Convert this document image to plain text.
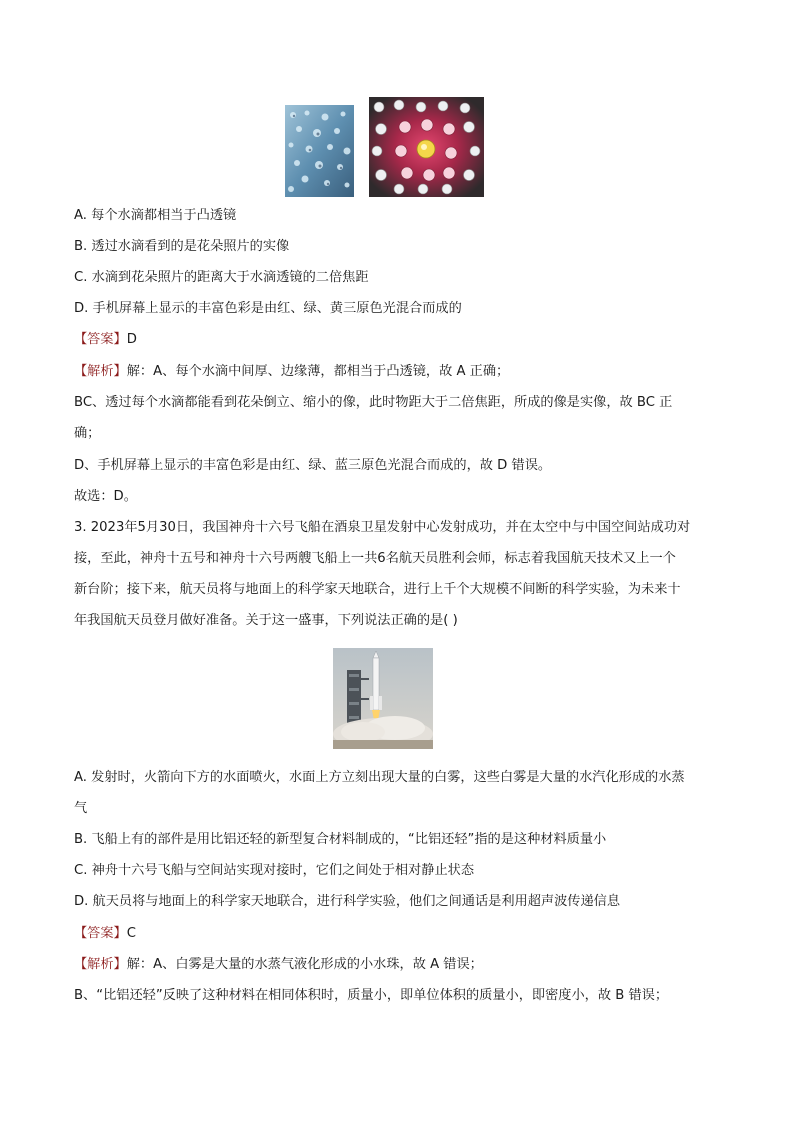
A. 每个水滴都相当于凸透镜
B. 透过水滴看到的是花朵照片的实像
C. 水滴到花朵照片的距离大于水滴透镜的二倍焦距
D. 手机屏幕上显示的丰富色彩是由红、绿、黄三原色光混合而成的
【答案】D
【解析】解：A、每个水滴中间厚、边缘薄，都相当于凸透镜，故 A 正确；
BC、透过每个水滴都能看到花朵倒立、缩小的像，此时物距大于二倍焦距，所成的像是实像，故 BC 正
确；
D、手机屏幕上显示的丰富色彩是由红、绿、蓝三原色光混合而成的，故 D 错误。
故选：D。
3. 2023年5月30日，我国神舟十六号飞船在酒泉卫星发射中心发射成功，并在太空中与中国空间站成功对
接，至此，神舟十五号和神舟十六号两艘飞船上一共6名航天员胜利会师，标志着我国航天技术又上一个
新台阶；接下来，航天员将与地面上的科学家天地联合，进行上千个大规模不间断的科学实验，为未来十
年我国航天员登月做好准备。关于这一盛事，下列说法正确的是( )
A. 发射时，火箭向下方的水面喷火，水面上方立刻出现大量的白雾，这些白雾是大量的水汽化形成的水蒸
气
B. 飞船上有的部件是用比铝还轻的新型复合材料制成的，“比铝还轻”指的是这种材料质量小
C. 神舟十六号飞船与空间站实现对接时，它们之间处于相对静止状态
D. 航天员将与地面上的科学家天地联合，进行科学实验，他们之间通话是利用超声波传递信息
【答案】C
【解析】解：A、白雾是大量的水蒸气液化形成的小水珠，故 A 错误；
B、“比铝还轻”反映了这种材料在相同体积时，质量小，即单位体积的质量小，即密度小，故 B 错误；
